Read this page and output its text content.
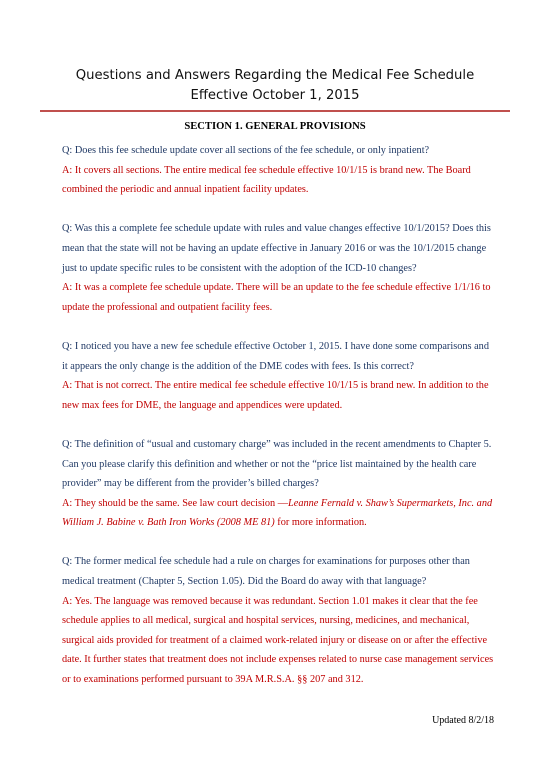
Questions and Answers Regarding the Medical Fee Schedule
Effective October 1, 2015
SECTION 1. GENERAL PROVISIONS
Q: Does this fee schedule update cover all sections of the fee schedule, or only inpatient?
A: It covers all sections. The entire medical fee schedule effective 10/1/15 is brand new. The Board combined the periodic and annual inpatient facility updates.
Q: Was this a complete fee schedule update with rules and value changes effective 10/1/2015? Does this mean that the state will not be having an update effective in January 2016 or was the 10/1/2015 change just to update specific rules to be consistent with the adoption of the ICD-10 changes?
A: It was a complete fee schedule update. There will be an update to the fee schedule effective 1/1/16 to update the professional and outpatient facility fees.
Q: I noticed you have a new fee schedule effective October 1, 2015. I have done some comparisons and it appears the only change is the addition of the DME codes with fees. Is this correct?
A: That is not correct. The entire medical fee schedule effective 10/1/15 is brand new. In addition to the new max fees for DME, the language and appendices were updated.
Q: The definition of “usual and customary charge” was included in the recent amendments to Chapter 5. Can you please clarify this definition and whether or not the “price list maintained by the health care provider” may be different from the provider’s billed charges?
A: They should be the same. See law court decision —Leanne Fernald v. Shaw’s Supermarkets, Inc. and William J. Babine v. Bath Iron Works (2008 ME 81) for more information.
Q: The former medical fee schedule had a rule on charges for examinations for purposes other than medical treatment (Chapter 5, Section 1.05). Did the Board do away with that language?
A: Yes. The language was removed because it was redundant. Section 1.01 makes it clear that the fee schedule applies to all medical, surgical and hospital services, nursing, medicines, and mechanical, surgical aids provided for treatment of a claimed work-related injury or disease on or after the effective date. It further states that treatment does not include expenses related to nurse case management services or to examinations performed pursuant to 39A M.R.S.A. §§ 207 and 312.
Updated 8/2/18
